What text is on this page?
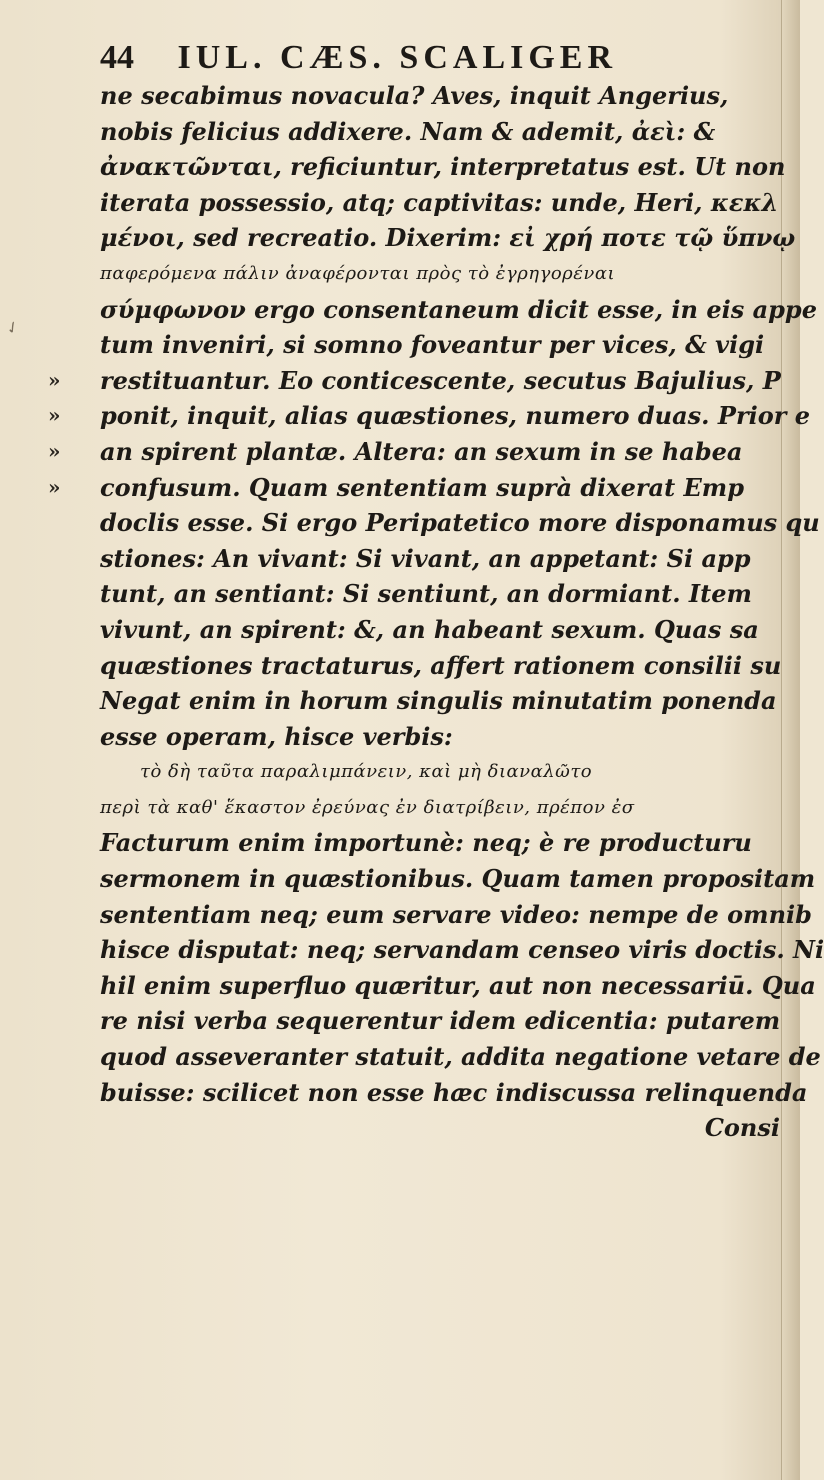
✓
44 IUL. CÆS. SCALIGER
ne secabimus novacula? Aves, inquit Angerius,
nobis felicius addixere. Nam & ademit, ἀεὶ: &
ἀνακτῶνται, reficiuntur, interpretatus est. Ut non
iterata possessio, atq; captivitas: unde, Heri, κεκλ
μένοι, sed recreatio. Dixerim: εἰ χρή ποτε τῷ ὕπνῳ
παφερόμενα πάλιν ἀναφέρονται πρὸς τὸ ἐγρηγορέναι
σύμφωνον ergo consentaneum dicit esse, in eis appe
tum inveniri, si somno foveantur per vices, & vigi
» restituantur. Eo conticescente, secutus Bajulius, P
» ponit, inquit, alias quæstiones, numero duas. Prior e
» an spirent plantæ. Altera: an sexum in se habea
» confusum. Quam sententiam suprà dixerat Emp
doclis esse. Si ergo Peripatetico more disponamus qu
stiones: An vivant: Si vivant, an appetant: Si app
tunt, an sentiant: Si sentiunt, an dormiant. Item
vivunt, an spirent: &, an habeant sexum. Quas sa
quæstiones tractaturus, affert rationem consilii su
Negat enim in horum singulis minutatim ponenda
esse operam, hisce verbis:
τὸ δὴ ταῦτα παραλιμπάνειν, καὶ μὴ διαναλῶτο
περὶ τὰ καθ' ἕκαστον ἐρεύνας ἐν διατρίβειν, πρέπον ἐσ
Facturum enim importunè: neq; è re producturu
sermonem in quæstionibus. Quam tamen propositam
sententiam neq; eum servare video: nempe de omnib
hisce disputat: neq; servandam censeo viris doctis. Ni
hil enim superfluo quæritur, aut non necessariū. Qua
re nisi verba sequerentur idem edicentia: putarem
quod asseveranter statuit, addita negatione vetare de
buisse: scilicet non esse hæc indiscussa relinquenda
Consi
